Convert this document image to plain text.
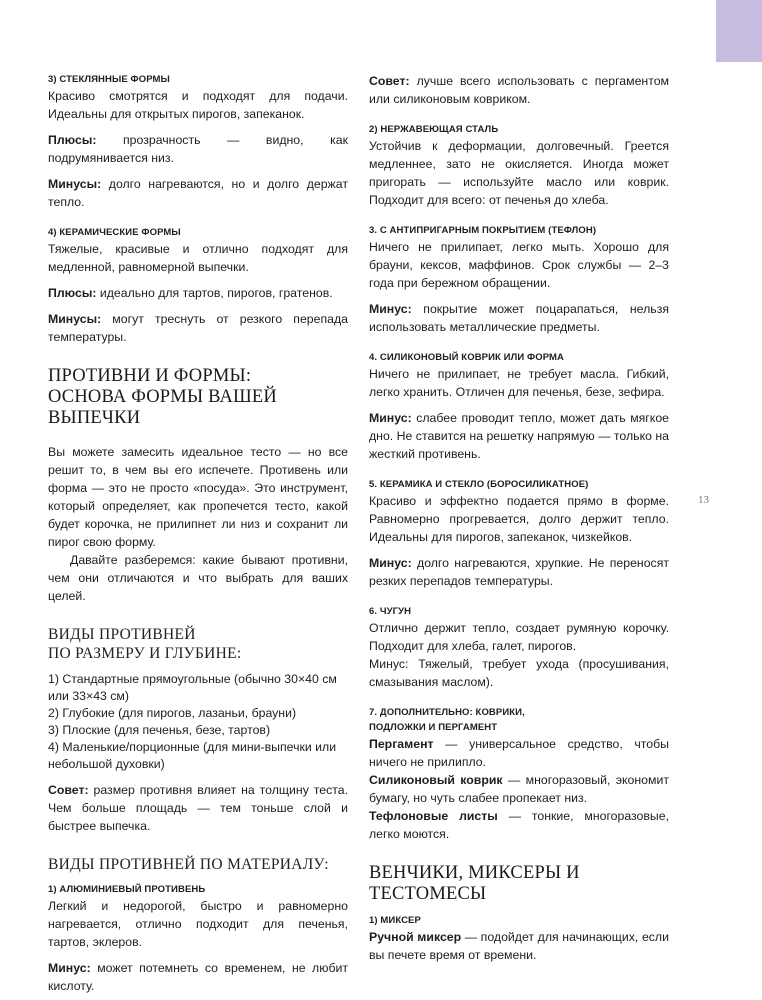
13

3) СТЕКЛЯННЫЕ ФОРМЫ

Красиво смотрятся и подходят для подачи. Идеальны для открытых пирогов, запеканок.

Плюсы: прозрачность — видно, как подрумянивается низ.

Минусы: долго нагреваются, но и долго держат тепло.

4) КЕРАМИЧЕСКИЕ ФОРМЫ

Тяжелые, красивые и отлично подходят для медленной, равномерной выпечки.

Плюсы: идеально для тартов, пирогов, гратенов.

Минусы: могут треснуть от резкого перепада температуры.

ПРОТИВНИ И ФОРМЫ:
ОСНОВА ФОРМЫ ВАШЕЙ ВЫПЕЧКИ

Вы можете замесить идеальное тесто — но все решит то, в чем вы его испечете. Противень или форма — это не просто «посуда». Это инструмент, который определяет, как пропечется тесто, какой будет корочка, не прилипнет ли низ и сохранит ли пирог свою форму.

Давайте разберемся: какие бывают противни, чем они отличаются и что выбрать для ваших целей.

ВИДЫ ПРОТИВНЕЙ
ПО РАЗМЕРУ И ГЛУБИНЕ:

1) Стандартные прямоугольные (обычно 30×40 см или 33×43 см)
2) Глубокие (для пирогов, лазаньи, брауни)
3) Плоские (для печенья, безе, тартов)
4) Маленькие/порционные (для мини-выпечки или небольшой духовки)

Совет: размер противня влияет на толщину теста. Чем больше площадь — тем тоньше слой и быстрее выпечка.

ВИДЫ ПРОТИВНЕЙ ПО МАТЕРИАЛУ:

1) АЛЮМИНИЕВЫЙ ПРОТИВЕНЬ

Легкий и недорогой, быстро и равномерно нагревается, отлично подходит для печенья, тартов, эклеров.

Минус: может потемнеть со временем, не любит кислоту.

Совет: лучше всего использовать с пергаментом или силиконовым ковриком.

2) НЕРЖАВЕЮЩАЯ СТАЛЬ

Устойчив к деформации, долговечный. Греется медленнее, зато не окисляется. Иногда может пригорать — используйте масло или коврик. Подходит для всего: от печенья до хлеба.

3. С АНТИПРИГАРНЫМ ПОКРЫТИЕМ (ТЕФЛОН)

Ничего не прилипает, легко мыть. Хорошо для брауни, кексов, маффинов. Срок службы — 2–3 года при бережном обращении.

Минус: покрытие может поцарапаться, нельзя использовать металлические предметы.

4. СИЛИКОНОВЫЙ КОВРИК ИЛИ ФОРМА

Ничего не прилипает, не требует масла. Гибкий, легко хранить. Отличен для печенья, безе, зефира.

Минус: слабее проводит тепло, может дать мягкое дно. Не ставится на решетку напрямую — только на жесткий противень.

5. КЕРАМИКА И СТЕКЛО (БОРОСИЛИКАТНОЕ)

Красиво и эффектно подается прямо в форме. Равномерно прогревается, долго держит тепло. Идеальны для пирогов, запеканок, чизкейков.

Минус: долго нагреваются, хрупкие. Не переносят резких перепадов температуры.

6. ЧУГУН

Отлично держит тепло, создает румяную корочку. Подходит для хлеба, галет, пирогов.

Минус: Тяжелый, требует ухода (просушивания, смазывания маслом).

7. ДОПОЛНИТЕЛЬНО: КОВРИКИ,
ПОДЛОЖКИ И ПЕРГАМЕНТ

Пергамент — универсальное средство, чтобы ничего не прилипло.

Силиконовый коврик — многоразовый, экономит бумагу, но чуть слабее пропекает низ.

Тефлоновые листы — тонкие, многоразовые, легко моются.

ВЕНЧИКИ, МИКСЕРЫ И ТЕСТОМЕСЫ

1) МИКСЕР

Ручной миксер — подойдет для начинающих, если вы печете время от времени.
